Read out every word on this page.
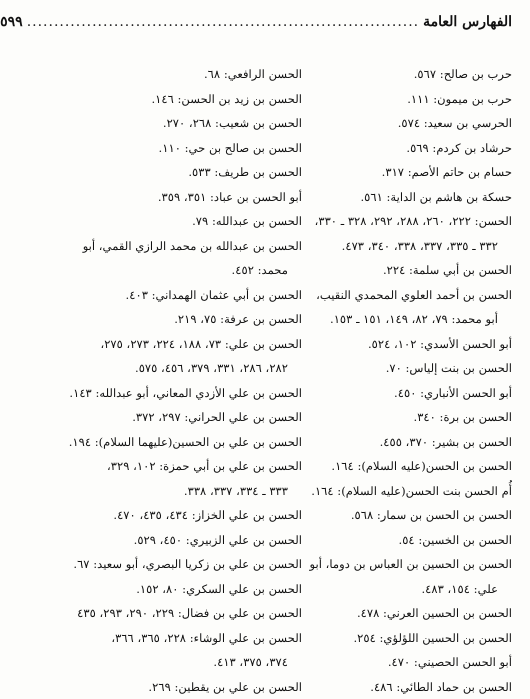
الفهارس العامة
........................................................................
٥٩٩
حرب بن صالح: ٥٦٧.
حرب بن ميمون: ١١١.
الحرسي بن سعيد: ٥٧٤.
حرشاد بن كردم: ٥٦٩.
حسام بن حاتم الأصم: ٣١٧.
حسكة بن هاشم بن الداية: ٥٦١.
الحسن: ٢٢٢، ٢٦٠، ٢٨٨، ٢٩٢، ٣٢٨ ـ ٣٣٠،
٣٣٢ ـ ٣٣٥، ٣٣٧، ٣٣٨، ٣٤٠، ٤٧٣.
الحسن بن أبي سلمة: ٢٢٤.
الحسن بن أحمد العلوي المحمدي النقيب،
أبو محمد: ٧٩، ٨٢، ١٤٩، ١٥١ ـ ١٥٣.
أبو الحسن الأسدي: ١٠٢، ٥٢٤.
الحسن بن بنت إلياس: ٧٠.
أبو الحسن الأنباري: ٤٥٠.
الحسن بن برة: ٣٤٠.
الحسن بن بشير: ٣٧٠، ٤٥٥.
الحسن بن الحسن(عليه السلام): ١٦٤.
أُم الحسن بنت الحسن(عليه السلام): ١٦٤.
الحسن بن الحسن بن سمار: ٥٦٨.
الحسن بن الخسين: ٥٤.
الحسن بن الحسين بن العباس بن دوما، أبو
علي: ١٥٤، ٤٨٣.
الحسن بن الحسين العرني: ٤٧٨.
الحسن بن الحسين اللؤلؤي: ٢٥٤.
أبو الحسن الحصيني: ٤٧٠.
الحسن بن حماد الطائي: ٤٨٦.
الحسن الرافعي: ٦٨.
الحسن بن زيد بن الحسن: ١٤٦.
الحسن بن شعيب: ٢٦٨، ٢٧٠.
الحسن بن صالح بن حي: ١١٠.
الحسن بن طريف: ٥٣٣.
أبو الحسن بن عباد: ٣٥١، ٣٥٩.
الحسن بن عبدالله: ٧٩.
الحسن بن عبدالله بن محمد الرازي القمي، أبو
محمد: ٤٥٢.
الحسن بن أبي عثمان الهمداني: ٤٠٣.
الحسن بن عرفة: ٧٥، ٢١٩.
الحسن بن علي: ٧٣، ١٨٨، ٢٢٤، ٢٧٣، ٢٧٥،
٢٨٢، ٢٨٦، ٣٣١، ٣٧٩، ٤٥٦، ٥٧٥.
الحسن بن علي الأزدي المعاني، أبو عبدالله: ١٤٣.
الحسن بن علي الحراني: ٢٩٧، ٣٧٢.
الحسن بن علي بن الحسين(عليهما السلام): ١٩٤.
الحسن بن علي بن أبي حمزة: ١٠٢، ٣٢٩،
٣٣٣ ـ ٣٣٤، ٣٣٧، ٣٣٨.
الحسن بن علي الخزاز: ٤٣٤، ٤٣٥، ٤٧٠.
الحسن بن علي الزبيري: ٤٥٠، ٥٢٩.
الحسن بن علي بن زكريا البصري، أبو سعيد: ٦٧.
الحسن بن علي السكري: ٨٠، ١٥٢.
الحسن بن علي بن فضال: ٢٢٩، ٢٩٠، ٢٩٣، ٤٣٥
الحسن بن علي الوشاء: ٢٢٨، ٣٦٥، ٣٦٦،
٣٧٤، ٣٧٥، ٤١٣.
الحسن بن علي بن يقطين: ٢٦٩.
